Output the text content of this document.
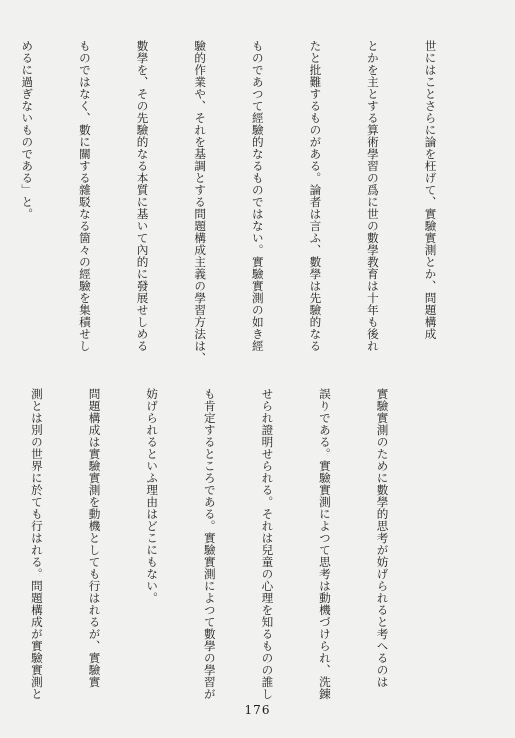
世にはことさらに論を枉げて、實驗實測とか、問題構成

とかを主とする算術學習の爲に世の數學教育は十年も後れ

たと批難するものがある。論者は言ふ、數學は先驗的なる

ものであつて經驗的なるものではない。實驗實測の如き經

驗的作業や、それを基調とする問題構成主義の學習方法は、

數學を、その先驗的なる本質に基いて內的に發展せしめる

ものではなく、數に關する雜駁なる箇々の經驗を集積せし

めるに過ぎないものである」と。

實驗實測のために數學的思考が妨げられると考へるのは

誤りである。實驗實測によつて思考は動機づけられ、洗錬

せられ證明せられる。それは兒童の心理を知るものの誰し

も肯定するところである。實驗實測によつて數學の學習が

妨げられるといふ理由はどこにもない。

問題構成は實驗實測を動機としても行はれるが、實驗實

測とは別の世界に於ても行はれる。問題構成が實驗實測と

176
